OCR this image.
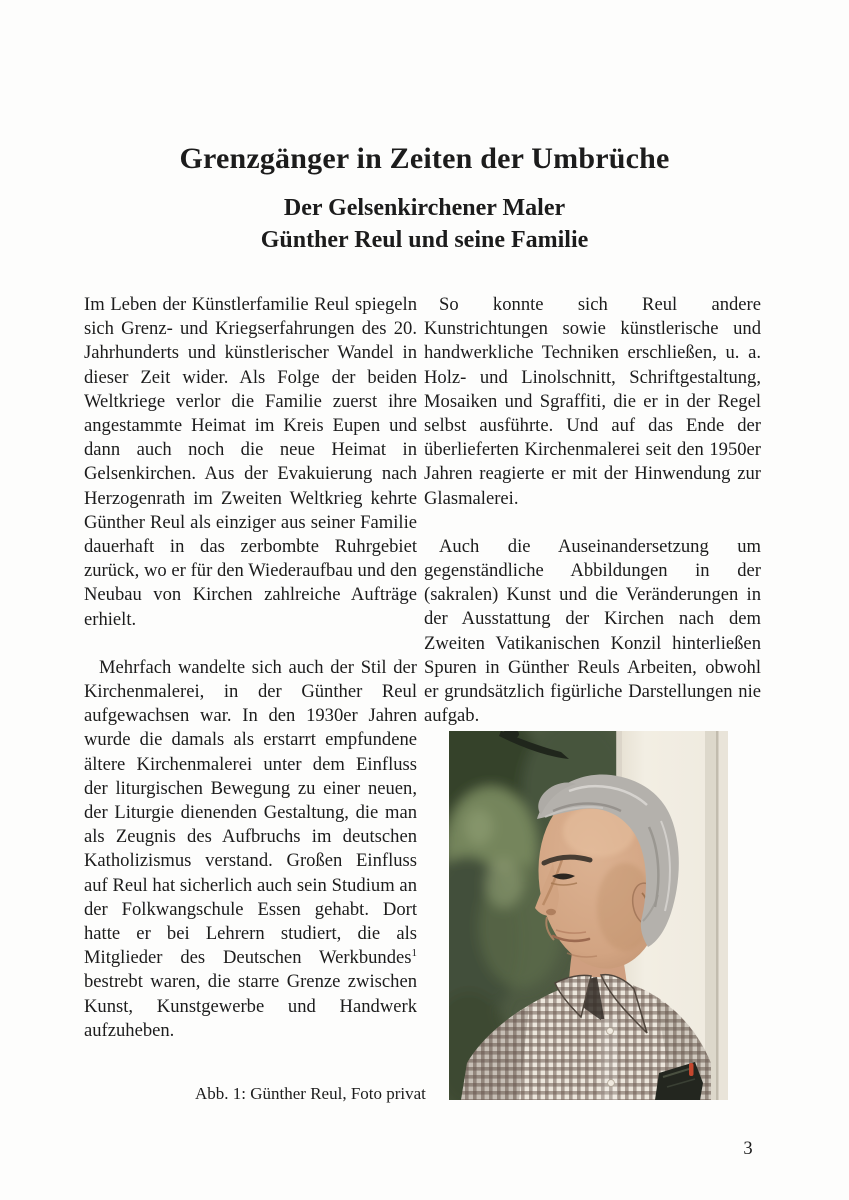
Grenzgänger in Zeiten der Umbrüche
Der Gelsenkirchener Maler
Günther Reul und seine Familie

Im Leben der Künstlerfamilie Reul spiegeln sich Grenz- und Kriegserfahrungen des 20. Jahrhunderts und künstlerischer Wandel in dieser Zeit wider. Als Folge der beiden Weltkriege verlor die Familie zuerst ihre angestammte Heimat im Kreis Eupen und dann auch noch die neue Heimat in Gelsenkirchen. Aus der Evakuierung nach Herzogenrath im Zweiten Weltkrieg kehrte Günther Reul als einziger aus seiner Familie dauerhaft in das zerbombte Ruhrgebiet zurück, wo er für den Wiederaufbau und den Neubau von Kirchen zahlreiche Aufträge erhielt.

Mehrfach wandelte sich auch der Stil der Kirchenmalerei, in der Günther Reul aufgewachsen war. In den 1930er Jahren wurde die damals als erstarrt empfundene ältere Kirchenmalerei unter dem Einfluss der liturgischen Bewegung zu einer neuen, der Liturgie dienenden Gestaltung, die man als Zeugnis des Aufbruchs im deutschen Katholizismus verstand. Großen Einfluss auf Reul hat sicherlich auch sein Studium an der Folkwangschule Essen gehabt. Dort hatte er bei Lehrern studiert, die als Mitglieder des Deutschen Werkbundes$^1$ bestrebt waren, die starre Grenze zwischen Kunst, Kunstgewerbe und Handwerk aufzuheben.

So konnte sich Reul andere Kunstrichtungen sowie künstlerische und handwerkliche Techniken erschließen, u. a. Holz- und Linolschnitt, Schriftgestaltung, Mosaiken und Sgraffiti, die er in der Regel selbst ausführte. Und auf das Ende der überlieferten Kirchenmalerei seit den 1950er Jahren reagierte er mit der Hinwendung zur Glasmalerei.

Auch die Auseinandersetzung um gegenständliche Abbildungen in der (sakralen) Kunst und die Veränderungen in der Ausstattung der Kirchen nach dem Zweiten Vatikanischen Konzil hinterließen Spuren in Günther Reuls Arbeiten, obwohl er grundsätzlich figürliche Darstellungen nie aufgab.

Abb. 1: Günther Reul, Foto privat
3
